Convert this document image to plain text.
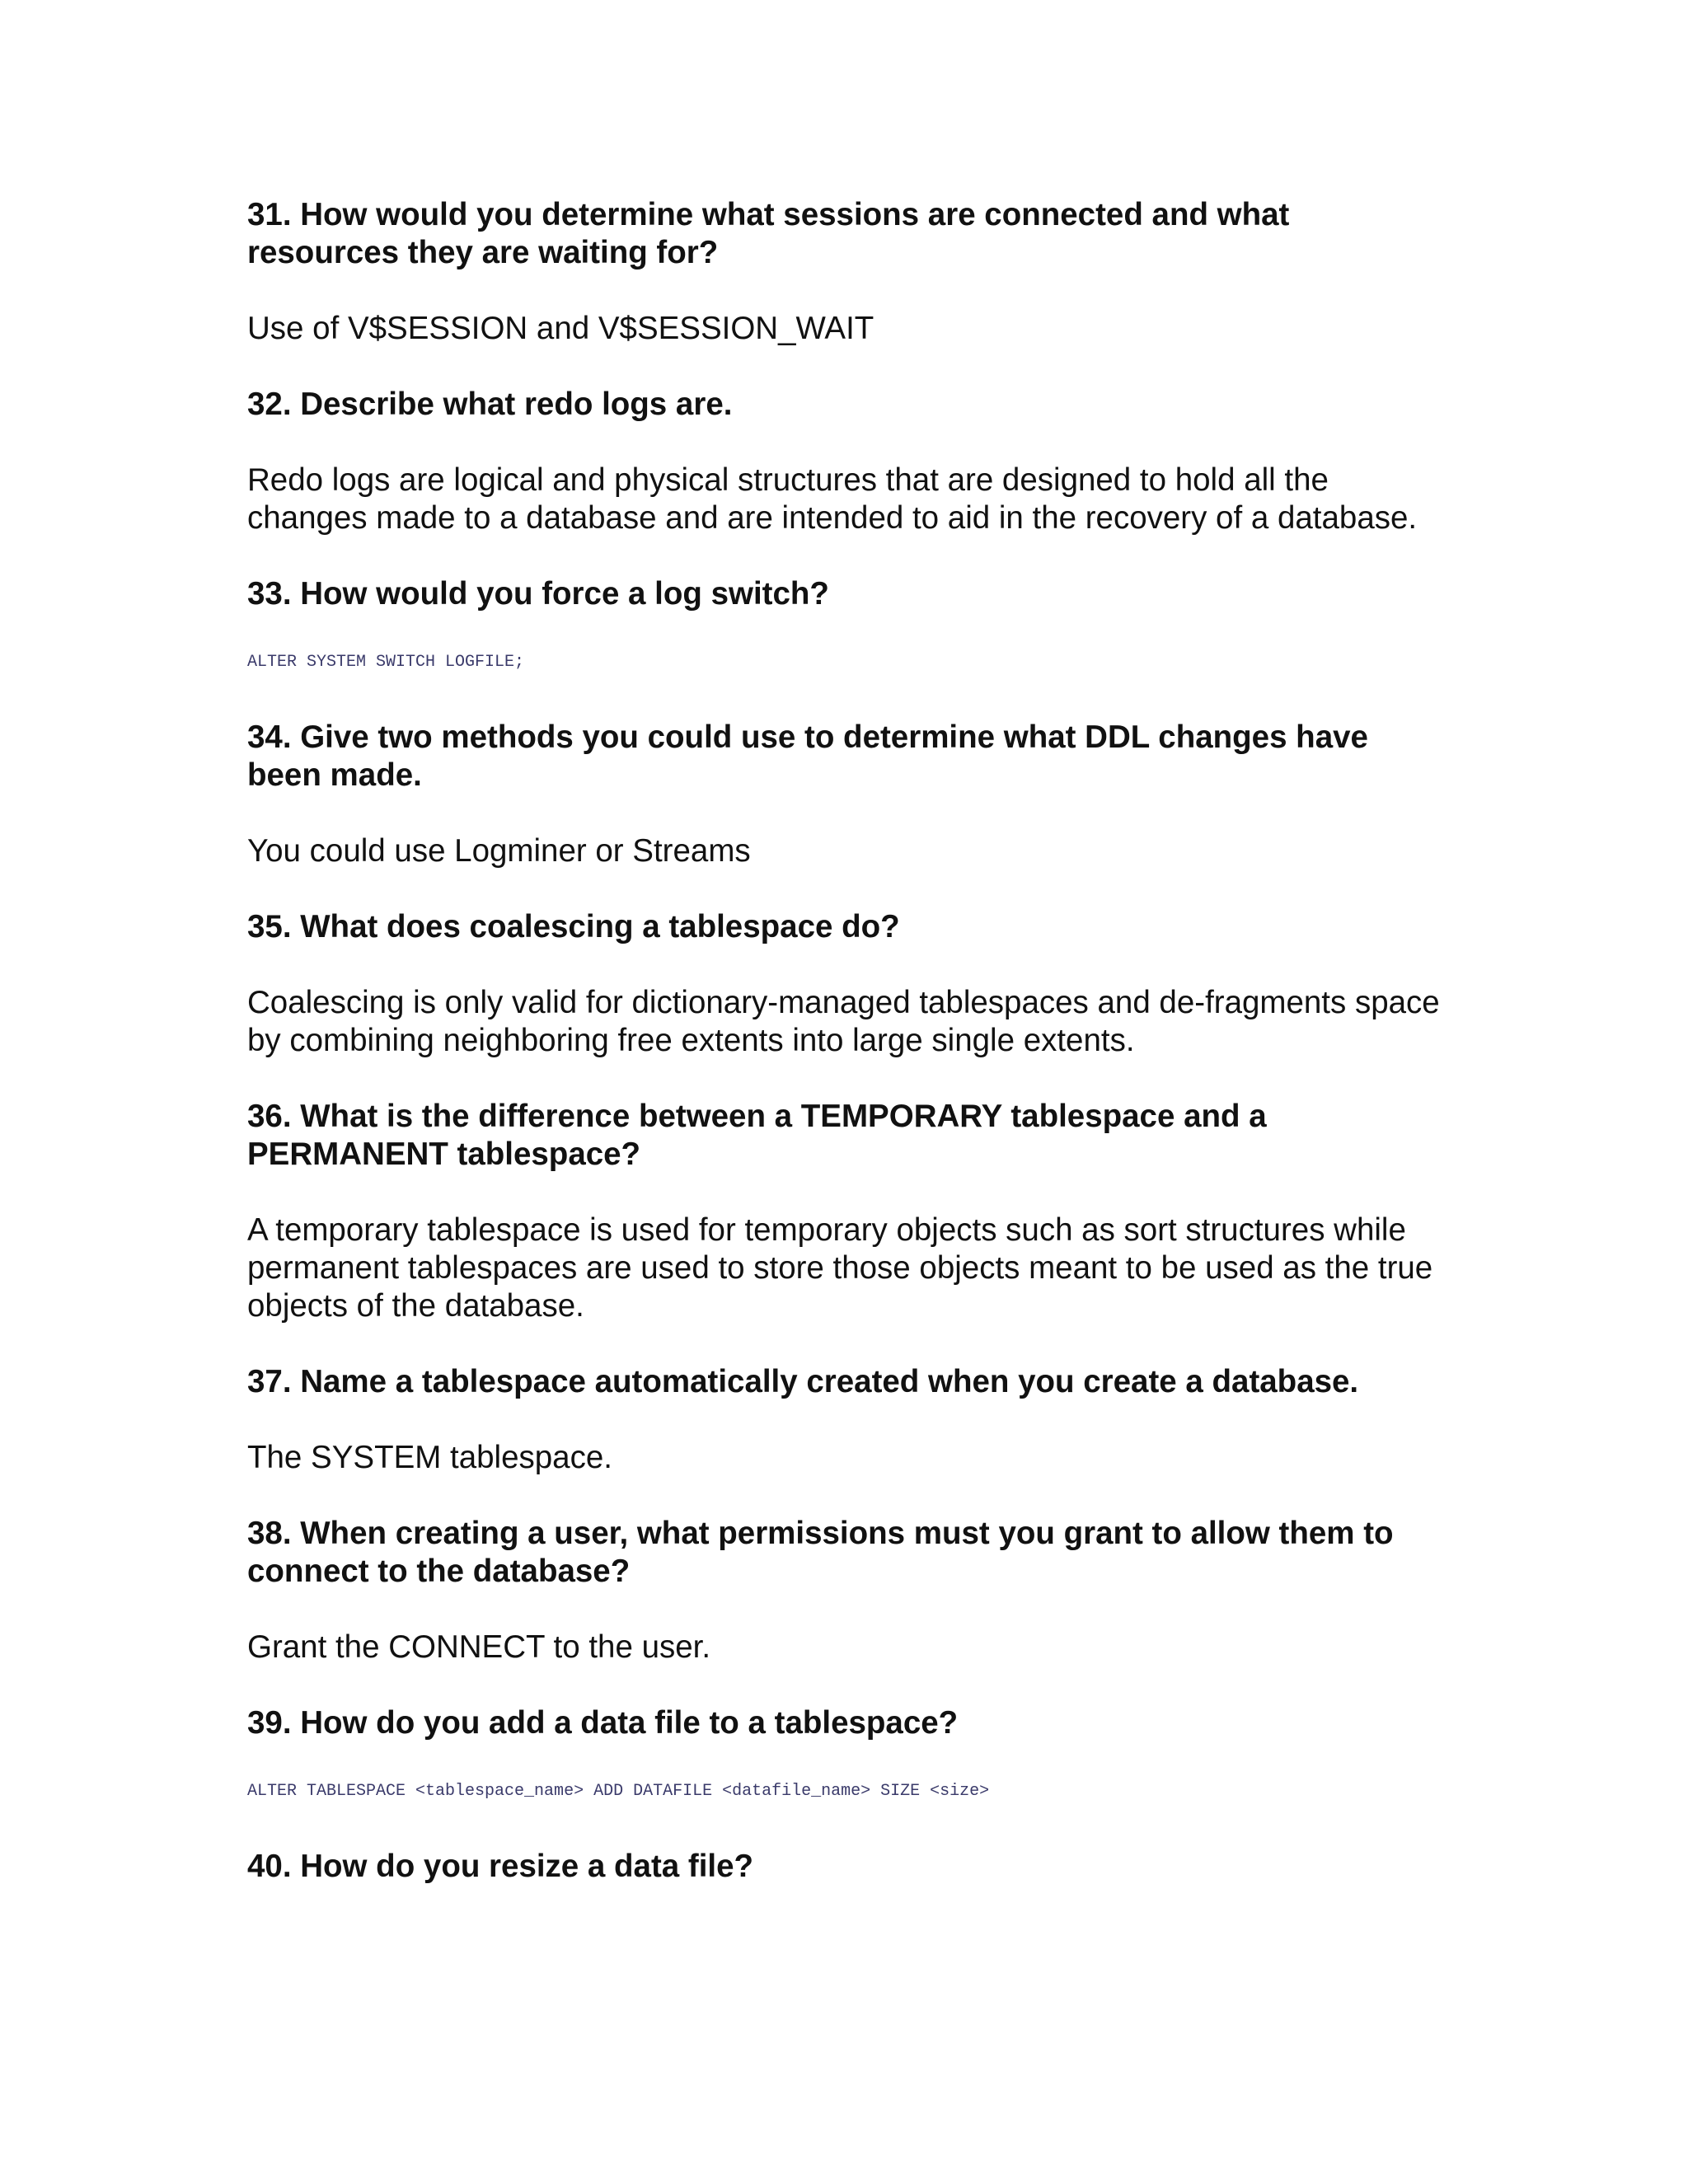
31. How would you determine what sessions are connected and what resources they are waiting for?
Use of V$SESSION and V$SESSION_WAIT
32. Describe what redo logs are.
Redo logs are logical and physical structures that are designed to hold all the changes made to a database and are intended to aid in the recovery of a database.
33. How would you force a log switch?
ALTER SYSTEM SWITCH LOGFILE;
34. Give two methods you could use to determine what DDL changes have been made.
You could use Logminer or Streams
35. What does coalescing a tablespace do?
Coalescing is only valid for dictionary-managed tablespaces and de-fragments space by combining neighboring free extents into large single extents.
36. What is the difference between a TEMPORARY tablespace and a PERMANENT tablespace?
A temporary tablespace is used for temporary objects such as sort structures while permanent tablespaces are used to store those objects meant to be used as the true objects of the database.
37. Name a tablespace automatically created when you create a database.
The SYSTEM tablespace.
38. When creating a user, what permissions must you grant to allow them to connect to the database?
Grant the CONNECT to the user.
39. How do you add a data file to a tablespace?
ALTER TABLESPACE <tablespace_name> ADD DATAFILE <datafile_name> SIZE <size>
40. How do you resize a data file?
